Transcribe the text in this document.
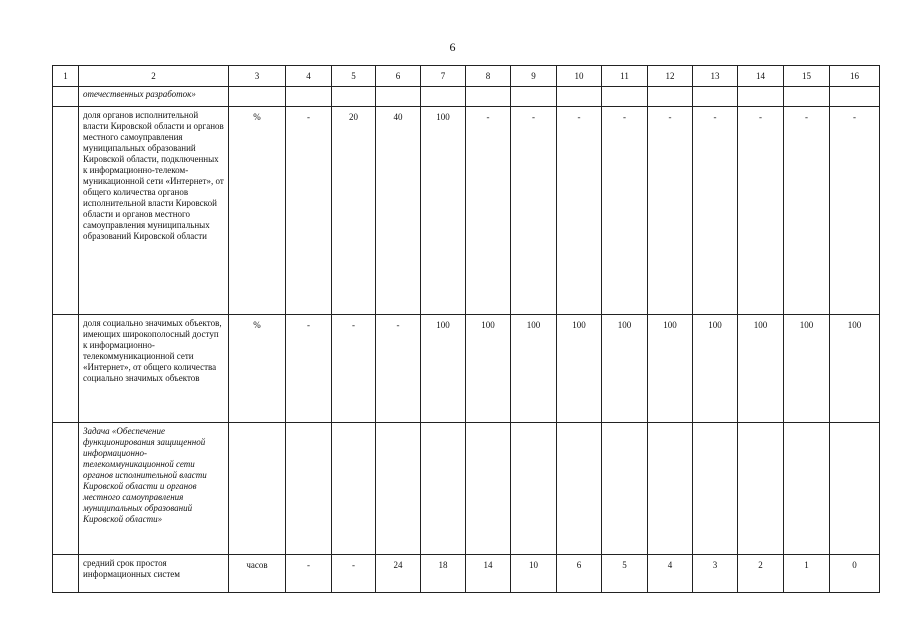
6
1	2	3	4	5	6	7	8	9	10	11	12	13	14	15	16
	отечественных разработок»														
	доля органов исполнительной власти Кировской области и органов местного самоуправления муниципальных образований Кировской области, подключенных к информационно-телеком-муникационной сети «Интернет», от общего количества органов исполнительной власти Кировской области и органов местного самоуправления муниципальных образований Кировской области	%	-	20	40	100	-	-	-	-	-	-	-	-	-
	доля социально значимых объектов, имеющих широкополосный доступ к информационно-телекоммуникационной сети «Интернет», от общего количества социально значимых объектов	%	-	-	-	100	100	100	100	100	100	100	100	100	100
	Задача «Обеспечение функционирования защищенной информационно-телекоммуникационной сети органов исполнительной власти Кировской области и органов местного самоуправления муниципальных образований Кировской области»														
	средний срок простоя информационных систем	часов	-	-	24	18	14	10	6	5	4	3	2	1	0
